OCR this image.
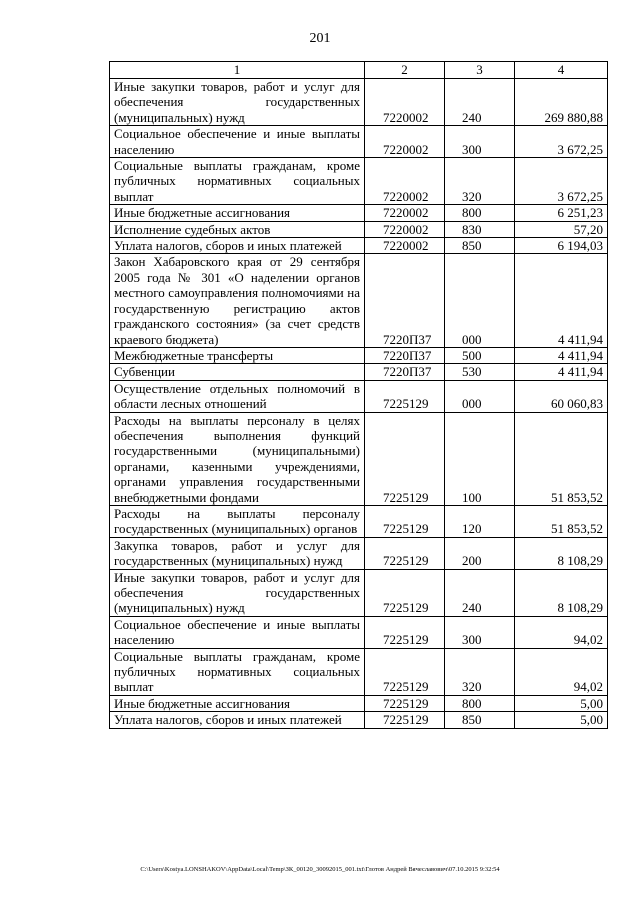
201
1	2	3	4
Иные закупки товаров, работ и услуг для обеспечения государственных (муниципальных) нужд	7220002	240	269 880,88
Социальное обеспечение и иные выплаты населению	7220002	300	3 672,25
Социальные выплаты гражданам, кроме публичных нормативных социальных выплат	7220002	320	3 672,25
Иные бюджетные ассигнования	7220002	800	6 251,23
Исполнение судебных актов	7220002	830	57,20
Уплата налогов, сборов и иных платежей	7220002	850	6 194,03
Закон Хабаровского края от 29 сентября 2005 года № 301 «О наделении органов местного самоуправления полномочиями на государственную регистрацию актов гражданского состояния» (за счет средств краевого бюджета)	7220П37	000	4 411,94
Межбюджетные трансферты	7220П37	500	4 411,94
Субвенции	7220П37	530	4 411,94
Осуществление отдельных полномочий в области лесных отношений	7225129	000	60 060,83
Расходы на выплаты персоналу в целях обеспечения выполнения функций государственными (муниципальными) органами, казенными учреждениями, органами управления государственными внебюджетными фондами	7225129	100	51 853,52
Расходы на выплаты персоналу государственных (муниципальных) органов	7225129	120	51 853,52
Закупка товаров, работ и услуг для государственных (муниципальных) нужд	7225129	200	8 108,29
Иные закупки товаров, работ и услуг для обеспечения государственных (муниципальных) нужд	7225129	240	8 108,29
Социальное обеспечение и иные выплаты населению	7225129	300	94,02
Социальные выплаты гражданам, кроме публичных нормативных социальных выплат	7225129	320	94,02
Иные бюджетные ассигнования	7225129	800	5,00
Уплата налогов, сборов и иных платежей	7225129	850	5,00
C:\Users\Kostya.LONSHAKOV\AppData\Local\Temp\ЗК_00120_30092015_001.txt\Глотов Андрей Вячеславович\07.10.2015 9:32:54
